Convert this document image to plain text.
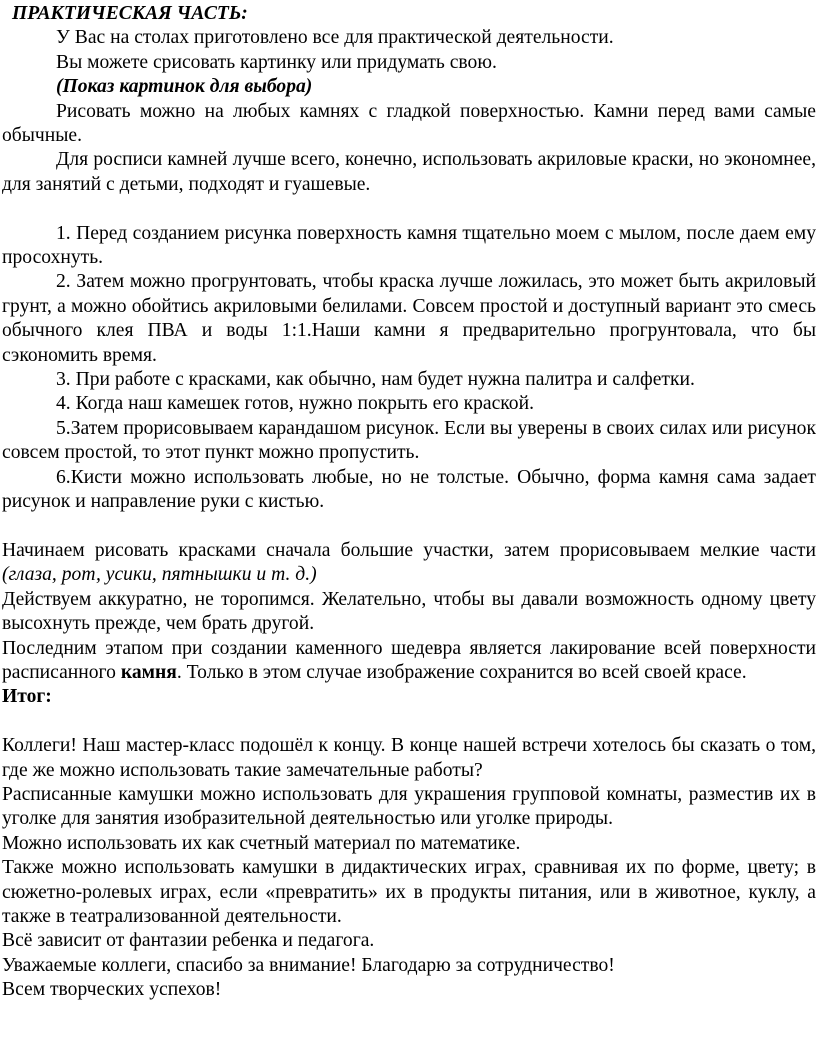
ПРАКТИЧЕСКАЯ ЧАСТЬ:

У Вас на столах приготовлено все для практической деятельности.

Вы можете срисовать картинку или придумать свою.

(Показ картинок для выбора)

Рисовать можно на любых камнях с гладкой поверхностью. Камни перед вами самые обычные.

Для росписи камней лучше всего, конечно, использовать акриловые краски, но экономнее, для занятий с детьми, подходят и гуашевые.

1. Перед созданием рисунка поверхность камня тщательно моем с мылом, после даем ему просохнуть.

2. Затем можно прогрунтовать, чтобы краска лучше ложилась, это может быть акриловый грунт, а можно обойтись акриловыми белилами. Совсем простой и доступный вариант это смесь обычного клея ПВА и воды 1:1.Наши камни я предварительно прогрунтовала, что бы сэкономить время.

3. При работе с красками, как обычно, нам будет нужна палитра и салфетки.

4. Когда наш камешек готов, нужно покрыть его краской.

5.Затем прорисовываем карандашом рисунок. Если вы уверены в своих силах или рисунок совсем простой, то этот пункт можно пропустить.

6.Кисти можно использовать любые, но не толстые. Обычно, форма камня сама задает рисунок и направление руки с кистью.

Начинаем рисовать красками сначала большие участки, затем прорисовываем мелкие части (глаза, рот, усики, пятнышки и т. д.)

Действуем аккуратно, не торопимся. Желательно, чтобы вы давали возможность одному цвету высохнуть прежде, чем брать другой.

Последним этапом при создании каменного шедевра является лакирование всей поверхности расписанного камня. Только в этом случае изображение сохранится во всей своей красе.

Итог:

Коллеги! Наш мастер-класс подошёл к концу. В конце нашей встречи хотелось бы сказать о том, где же можно использовать такие замечательные работы?

Расписанные камушки можно использовать для украшения групповой комнаты, разместив их в уголке для занятия изобразительной деятельностью или уголке природы.

Можно использовать их как счетный материал по математике.

Также можно использовать камушки в дидактических играх, сравнивая их по форме, цвету; в сюжетно-ролевых играх, если «превратить» их в продукты питания, или в животное, куклу, а также в театрализованной деятельности.

Всё зависит от фантазии ребенка и педагога.

Уважаемые коллеги, спасибо за внимание! Благодарю за сотрудничество!

Всем творческих успехов!
